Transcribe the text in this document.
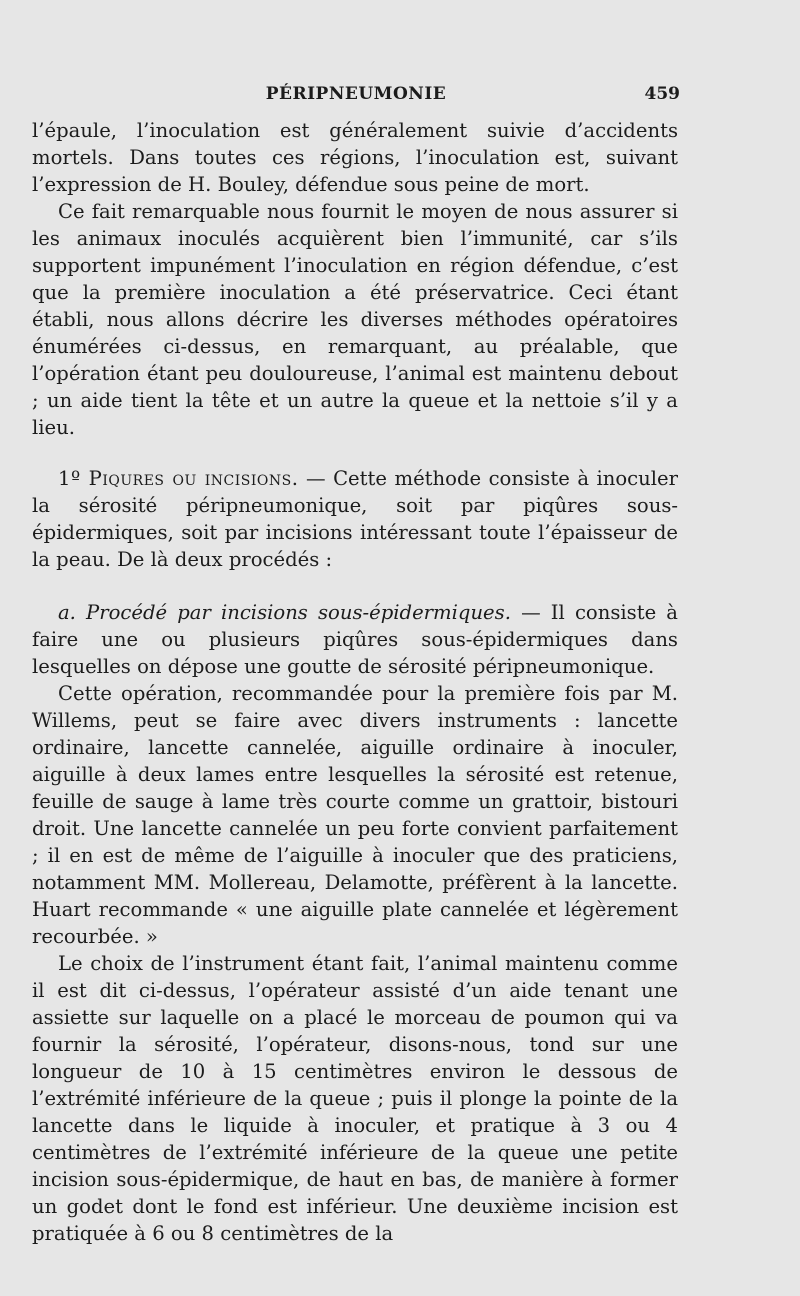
PÉRIPNEUMONIE	459

l’épaule, l’inoculation est généralement suivie d’accidents mortels. Dans toutes ces régions, l’inoculation est, suivant l’expression de H. Bouley, défendue sous peine de mort.

Ce fait remarquable nous fournit le moyen de nous assurer si les animaux inoculés acquièrent bien l’immunité, car s’ils supportent impunément l’inoculation en région défendue, c’est que la première inoculation a été préservatrice. Ceci étant établi, nous allons décrire les diverses méthodes opératoires énumérées ci-dessus, en remarquant, au préalable, que l’opération étant peu douloureuse, l’animal est maintenu debout ; un aide tient la tête et un autre la queue et la nettoie s’il y a lieu.

1º Piqures ou incisions. — Cette méthode consiste à inoculer la sérosité péripneumonique, soit par piqûres sous-épidermiques, soit par incisions intéressant toute l’épaisseur de la peau. De là deux procédés :

a. Procédé par incisions sous-épidermiques. — Il consiste à faire une ou plusieurs piqûres sous-épidermiques dans lesquelles on dépose une goutte de sérosité péripneumonique.

Cette opération, recommandée pour la première fois par M. Willems, peut se faire avec divers instruments : lancette ordinaire, lancette cannelée, aiguille ordinaire à inoculer, aiguille à deux lames entre lesquelles la sérosité est retenue, feuille de sauge à lame très courte comme un grattoir, bistouri droit. Une lancette cannelée un peu forte convient parfaitement ; il en est de même de l’aiguille à inoculer que des praticiens, notamment MM. Mollereau, Delamotte, préfèrent à la lancette. Huart recommande « une aiguille plate cannelée et légèrement recourbée. »

Le choix de l’instrument étant fait, l’animal maintenu comme il est dit ci-dessus, l’opérateur assisté d’un aide tenant une assiette sur laquelle on a placé le morceau de poumon qui va fournir la sérosité, l’opérateur, disons-nous, tond sur une longueur de 10 à 15 centimètres environ le dessous de l’extrémité inférieure de la queue ; puis il plonge la pointe de la lancette dans le liquide à inoculer, et pratique à 3 ou 4 centimètres de l’extrémité inférieure de la queue une petite incision sous-épidermique, de haut en bas, de manière à former un godet dont le fond est inférieur. Une deuxième incision est pratiquée à 6 ou 8 centimètres de la
